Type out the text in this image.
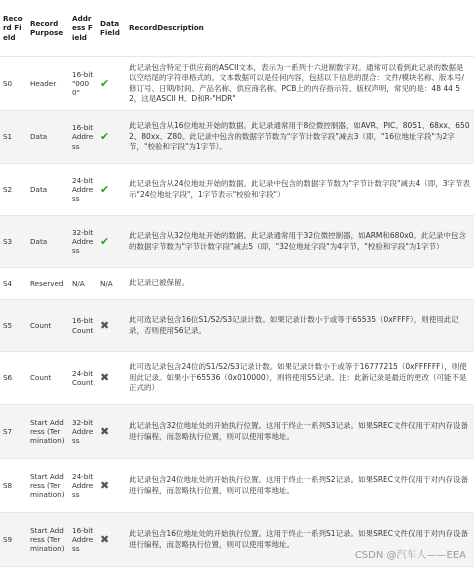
Record Field	Record Purpose	Address Field	Data Field	RecordDescription
S0	Header	16-bit "0000"	✔	此记录包含特定于供应商的ASCII文本，表示为一系列十六进制数字对。通常可以看到此记录的数据是以空结尾的字符串格式的。文本数据可以是任何内容，包括以下信息的混合：文件/模块名称、版本号/修订号、日期/时间、产品名称、供应商名称、PCB上的内存指示符、版权声明，常见的是：48 44 52，这是ASCII H、D和R-"HDR"
S1	Data	16-bit Address	✔	此记录包含从16位地址开始的数据。此记录通常用于8位微控制器，如AVR、PIC、8051、68xx、6502、80xx、Z80。此记录中包含的数据字节数为"字节计数字段"减去3（即，"16位地址字段"为2字节，"校验和字段"为1字节）。
S2	Data	24-bit Address	✔	此记录包含从24位地址开始的数据。此记录中包含的数据字节数为"字节计数字段"减去4（即，3字节表示"24位地址字段"，1字节表示"校验和字段"）
S3	Data	32-bit Address	✔	此记录包含从32位地址开始的数据。此记录通常用于32位微控制器，如ARM和680x0。此记录中包含的数据字节数为"字节计数字段"减去5（即，"32位地址字段"为4字节，"校验和字段"为1字节）
S4	Reserved	N/A	N/A	此记录已被保留。
S5	Count	16-bit Count	✖	此可选记录包含16位S1/S2/S3记录计数。如果记录计数小于或等于65535（0xFFFF），则使用此记录，否则使用S6记录。
S6	Count	24-bit Count	✖	此可选记录包含24位的S1/S2/S3记录计数。如果记录计数小于或等于16777215（0xFFFFFF），则使用此记录。如果小于65536（0x010000），则将使用S5记录。注：此新记录是最近的更改（可能不是正式的）
S7	Start Address (Termination)	32-bit Address	✖	此记录包含32位地址处的开始执行位置。这用于终止一系列S3记录。如果SREC文件仅用于对内存设备进行编程，而忽略执行位置，则可以使用零地址。
S8	Start Address (Termination)	24-bit Address	✖	此记录包含24位地址处的开始执行位置。这用于终止一系列S2记录。如果SREC文件仅用于对内存设备进行编程，而忽略执行位置，则可以使用零地址。
S9	Start Address (Termination)	16-bit Address	✖	此记录包含16位地址处的开始执行位置。这用于终止一系列S1记录。如果SREC文件仅用于对内存设备进行编程，而忽略执行位置，则可以使用零地址。
CSDN @汽车人——EEA
